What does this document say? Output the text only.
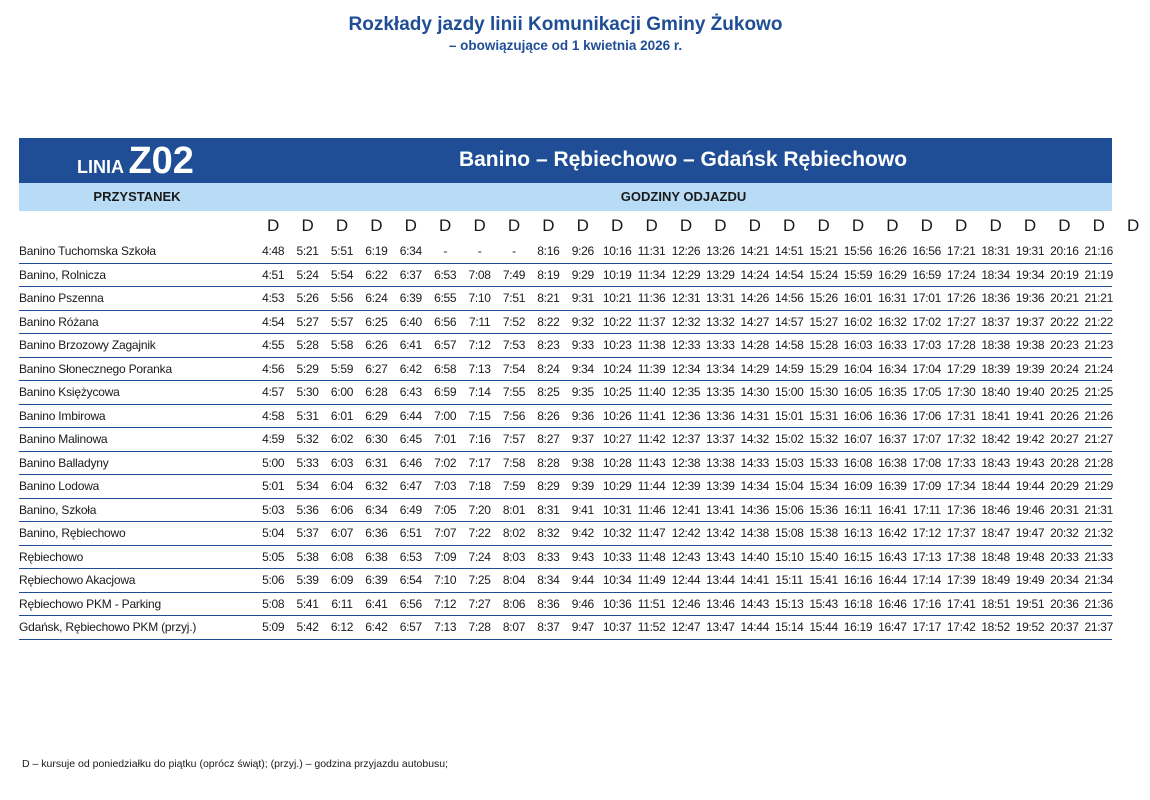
Rozkłady jazdy linii Komunikacji Gminy Żukowo
– obowiązujące od 1 kwietnia 2026 r.
LINIA Z02	Banino – Rębiechowo – Gdańsk Rębiechowo
PRZYSTANEK	GODZINY ODJAZDU
D	D	D	D	D	D	D	D	D	D	D	D	D	D	D	D	D	D	D	D	D	D	D	D	D	D
Banino Tuchomska Szkoła	4:48	5:21	5:51	6:19	6:34	-	-	-	8:16	9:26 10:16 11:31 12:26 13:26 14:21 14:51 15:21 15:56 16:26 16:56 17:21 18:31 19:31 20:16 21:16
Banino, Rolnicza	4:51	5:24	5:54	6:22	6:37	6:53	7:08	7:49	8:19	9:29 10:19 11:34 12:29 13:29 14:24 14:54 15:24 15:59 16:29 16:59 17:24 18:34 19:34 20:19 21:19
Banino Pszenna	4:53	5:26	5:56	6:24	6:39	6:55	7:10	7:51	8:21	9:31 10:21 11:36 12:31 13:31 14:26 14:56 15:26 16:01 16:31 17:01 17:26 18:36 19:36 20:21 21:21
Banino Różana	4:54	5:27	5:57	6:25	6:40	6:56	7:11	7:52	8:22	9:32 10:22 11:37 12:32 13:32 14:27 14:57 15:27 16:02 16:32 17:02 17:27 18:37 19:37 20:22 21:22
Banino Brzozowy Zagajnik	4:55	5:28	5:58	6:26	6:41	6:57	7:12	7:53	8:23	9:33 10:23 11:38 12:33 13:33 14:28 14:58 15:28 16:03 16:33 17:03 17:28 18:38 19:38 20:23 21:23
Banino Słonecznego Poranka	4:56	5:29	5:59	6:27	6:42	6:58	7:13	7:54	8:24	9:34 10:24 11:39 12:34 13:34 14:29 14:59 15:29 16:04 16:34 17:04 17:29 18:39 19:39 20:24 21:24
Banino Księżycowa	4:57	5:30	6:00	6:28	6:43	6:59	7:14	7:55	8:25	9:35 10:25 11:40 12:35 13:35 14:30 15:00 15:30 16:05 16:35 17:05 17:30 18:40 19:40 20:25 21:25
Banino Imbirowa	4:58	5:31	6:01	6:29	6:44	7:00	7:15	7:56	8:26	9:36 10:26 11:41 12:36 13:36 14:31 15:01 15:31 16:06 16:36 17:06 17:31 18:41 19:41 20:26 21:26
Banino Malinowa	4:59	5:32	6:02	6:30	6:45	7:01	7:16	7:57	8:27	9:37 10:27 11:42 12:37 13:37 14:32 15:02 15:32 16:07 16:37 17:07 17:32 18:42 19:42 20:27 21:27
Banino Balladyny	5:00	5:33	6:03	6:31	6:46	7:02	7:17	7:58	8:28	9:38 10:28 11:43 12:38 13:38 14:33 15:03 15:33 16:08 16:38 17:08 17:33 18:43 19:43 20:28 21:28
Banino Lodowa	5:01	5:34	6:04	6:32	6:47	7:03	7:18	7:59	8:29	9:39 10:29 11:44 12:39 13:39 14:34 15:04 15:34 16:09 16:39 17:09 17:34 18:44 19:44 20:29 21:29
Banino, Szkoła	5:03	5:36	6:06	6:34	6:49	7:05	7:20	8:01	8:31	9:41 10:31 11:46 12:41 13:41 14:36 15:06 15:36 16:11 16:41 17:11 17:36 18:46 19:46 20:31 21:31
Banino, Rębiechowo	5:04	5:37	6:07	6:36	6:51	7:07	7:22	8:02	8:32	9:42 10:32 11:47 12:42 13:42 14:38 15:08 15:38 16:13 16:42 17:12 17:37 18:47 19:47 20:32 21:32
Rębiechowo	5:05	5:38	6:08	6:38	6:53	7:09	7:24	8:03	8:33	9:43 10:33 11:48 12:43 13:43 14:40 15:10 15:40 16:15 16:43 17:13 17:38 18:48 19:48 20:33 21:33
Rębiechowo Akacjowa	5:06	5:39	6:09	6:39	6:54	7:10	7:25	8:04	8:34	9:44 10:34 11:49 12:44 13:44 14:41 15:11 15:41 16:16 16:44 17:14 17:39 18:49 19:49 20:34 21:34
Rębiechowo PKM - Parking	5:08	5:41	6:11	6:41	6:56	7:12	7:27	8:06	8:36	9:46 10:36 11:51 12:46 13:46 14:43 15:13 15:43 16:18 16:46 17:16 17:41 18:51 19:51 20:36 21:36
Gdańsk, Rębiechowo PKM (przyj.)	5:09	5:42	6:12	6:42	6:57	7:13	7:28	8:07	8:37	9:47 10:37 11:52 12:47 13:47 14:44 15:14 15:44 16:19 16:47 17:17 17:42 18:52 19:52 20:37 21:37
D – kursuje od poniedziałku do piątku (oprócz świąt); (przyj.) – godzina przyjazdu autobusu;
